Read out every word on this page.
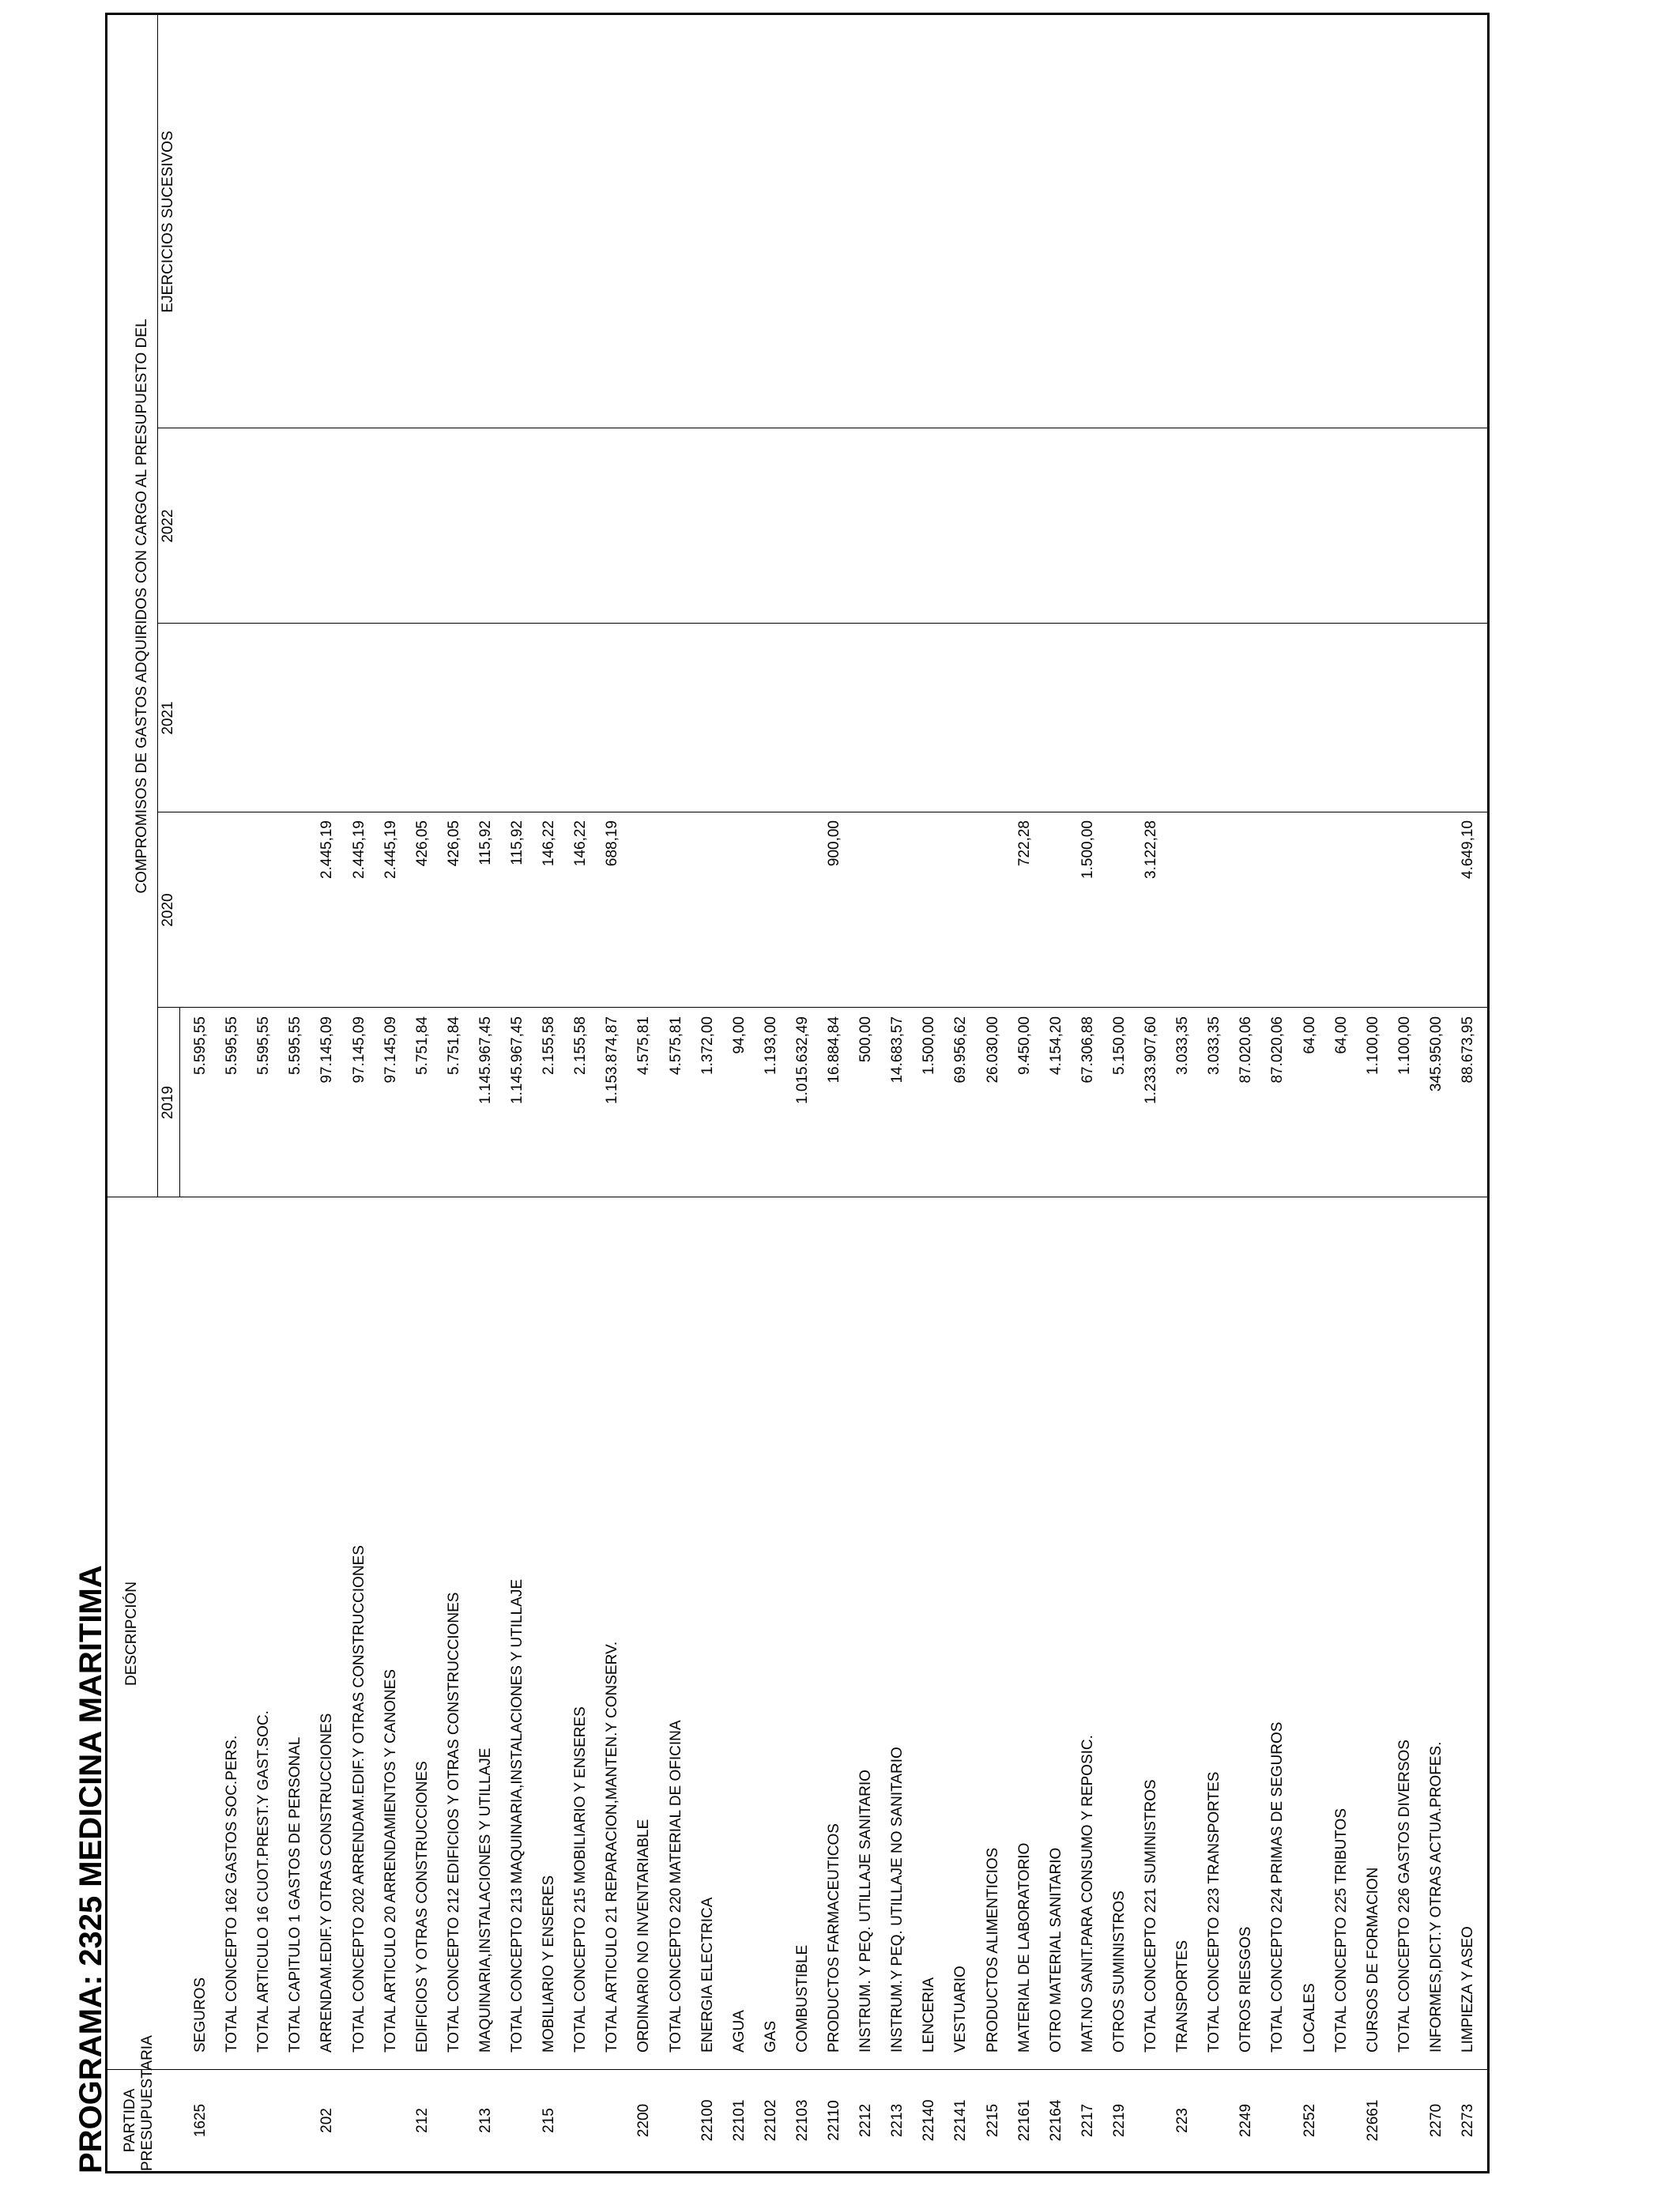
PROGRAMA: 2325 MEDICINA MARITIMA PARTIDA PRESUPUESTARIA
DESCRIPCIÓN
COMPROMISOS DE GASTOS ADQUIRIDOS CON CARGO AL PRESUPUESTO DEL
2019
2020
2021
2022
EJERCICIOS SUCESIVOS
1625
SEGUROS
5.595,55
TOTAL CONCEPTO 162 GASTOS SOC.PERS.
5.595,55
TOTAL ARTICULO 16 CUOT.PREST.Y GAST.SOC.
5.595,55
TOTAL CAPITULO 1 GASTOS DE PERSONAL
5.595,55
202
ARRENDAM.EDIF.Y OTRAS CONSTRUCCIONES
97.145,09
2.445,19
TOTAL CONCEPTO 202 ARRENDAM.EDIF.Y OTRAS CONSTRUCCIONES
97.145,09
2.445,19
TOTAL ARTICULO 20 ARRENDAMIENTOS Y CANONES
97.145,09
2.445,19
212
EDIFICIOS Y OTRAS CONSTRUCCIONES
5.751,84
426,05
TOTAL CONCEPTO 212 EDIFICIOS Y OTRAS CONSTRUCCIONES
5.751,84
426,05
213
MAQUINARIA,INSTALACIONES Y UTILLAJE
1.145.967,45
115,92
TOTAL CONCEPTO 213 MAQUINARIA,INSTALACIONES Y UTILLAJE
1.145.967,45
115,92
215
MOBILIARIO Y ENSERES
2.155,58
146,22
TOTAL CONCEPTO 215 MOBILIARIO Y ENSERES
2.155,58
146,22
TOTAL ARTICULO 21 REPARACION,MANTEN.Y CONSERV.
1.153.874,87
688,19
2200
ORDINARIO NO INVENTARIABLE
4.575,81
TOTAL CONCEPTO 220 MATERIAL DE OFICINA
4.575,81
22100
ENERGIA ELECTRICA
1.372,00
22101
AGUA
94,00
22102
GAS
1.193,00
22103
COMBUSTIBLE
1.015.632,49
22110
PRODUCTOS FARMACEUTICOS
16.884,84
900,00
2212
INSTRUM. Y PEQ. UTILLAJE SANITARIO
500,00
2213
INSTRUM.Y PEQ. UTILLAJE NO SANITARIO
14.683,57
22140
LENCERIA
1.500,00
22141
VESTUARIO
69.956,62
2215
PRODUCTOS ALIMENTICIOS
26.030,00
22161
MATERIAL DE LABORATORIO
9.450,00
722,28
22164
OTRO MATERIAL SANITARIO
4.154,20
2217
MAT.NO SANIT.PARA CONSUMO Y REPOSIC.
67.306,88
1.500,00
2219
OTROS SUMINISTROS
5.150,00
TOTAL CONCEPTO 221 SUMINISTROS
1.233.907,60
3.122,28
223
TRANSPORTES
3.033,35
TOTAL CONCEPTO 223 TRANSPORTES
3.033,35
2249
OTROS RIESGOS
87.020,06
TOTAL CONCEPTO 224 PRIMAS DE SEGUROS
87.020,06
2252
LOCALES
64,00
TOTAL CONCEPTO 225 TRIBUTOS
64,00
22661
CURSOS DE FORMACION
1.100,00
TOTAL CONCEPTO 226 GASTOS DIVERSOS
1.100,00
2270
INFORMES,DICT.Y OTRAS ACTUA.PROFES.
345.950,00
2273
LIMPIEZA Y ASEO
88.673,95
4.649,10
